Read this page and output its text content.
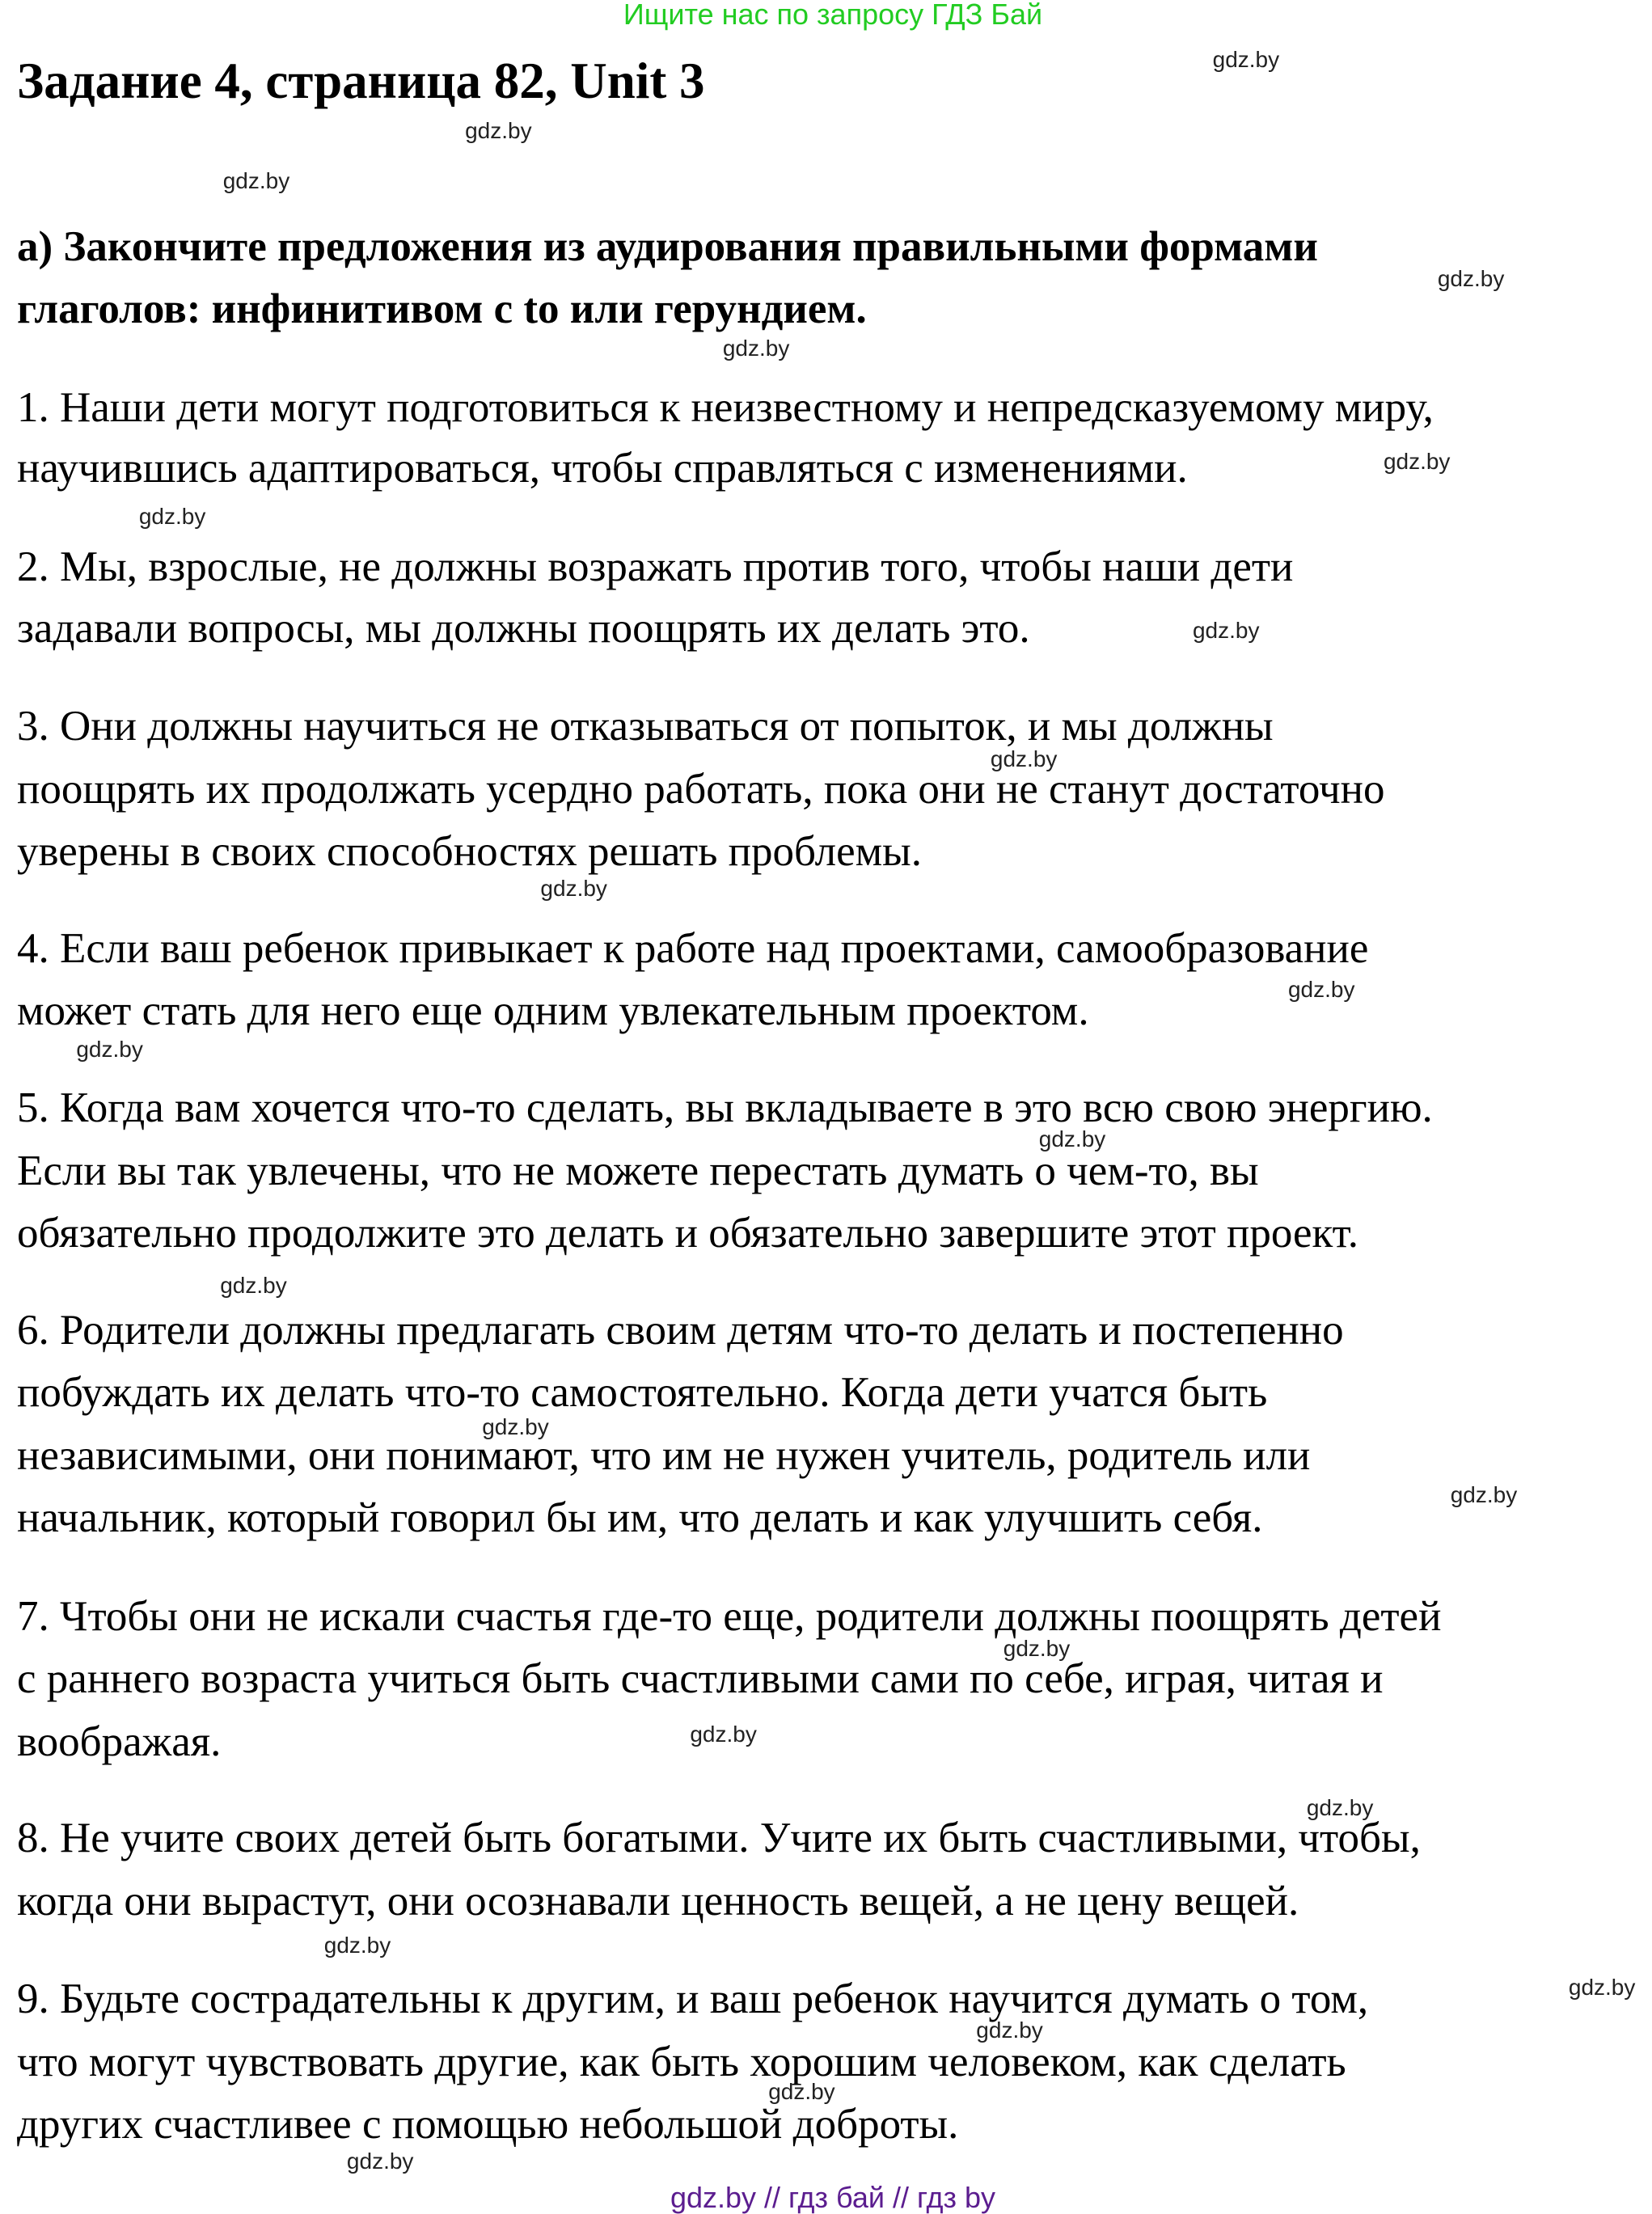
Ищите нас по запросу ГДЗ Бай
Задание 4, страница 82, Unit 3
а) Закончите предложения из аудирования правильными формами
глаголов: инфинитивом с to или герундием.
1. Наши дети могут подготовиться к неизвестному и непредсказуемому миру,
научившись адаптироваться, чтобы справляться с изменениями.
2. Мы, взрослые, не должны возражать против того, чтобы наши дети
задавали вопросы, мы должны поощрять их делать это.
3. Они должны научиться не отказываться от попыток, и мы должны
поощрять их продолжать усердно работать, пока они не станут достаточно
уверены в своих способностях решать проблемы.
4. Если ваш ребенок привыкает к работе над проектами, самообразование
может стать для него еще одним увлекательным проектом.
5. Когда вам хочется что-то сделать, вы вкладываете в это всю свою энергию.
Если вы так увлечены, что не можете перестать думать о чем-то, вы
обязательно продолжите это делать и обязательно завершите этот проект.
6. Родители должны предлагать своим детям что-то делать и постепенно
побуждать их делать что-то самостоятельно. Когда дети учатся быть
независимыми, они понимают, что им не нужен учитель, родитель или
начальник, который говорил бы им, что делать и как улучшить себя.
7. Чтобы они не искали счастья где-то еще, родители должны поощрять детей
с раннего возраста учиться быть счастливыми сами по себе, играя, читая и
воображая.
8. Не учите своих детей быть богатыми. Учите их быть счастливыми, чтобы,
когда они вырастут, они осознавали ценность вещей, а не цену вещей.
9. Будьте сострадательны к другим, и ваш ребенок научится думать о том,
что могут чувствовать другие, как быть хорошим человеком, как сделать
других счастливее с помощью небольшой доброты.
gdz.by
gdz.by
gdz.by
gdz.by
gdz.by
gdz.by
gdz.by
gdz.by
gdz.by
gdz.by
gdz.by
gdz.by
gdz.by
gdz.by
gdz.by
gdz.by
gdz.by
gdz.by
gdz.by
gdz.by
gdz.by
gdz.by
gdz.by
gdz.by
gdz.by // гдз бай // гдз by
